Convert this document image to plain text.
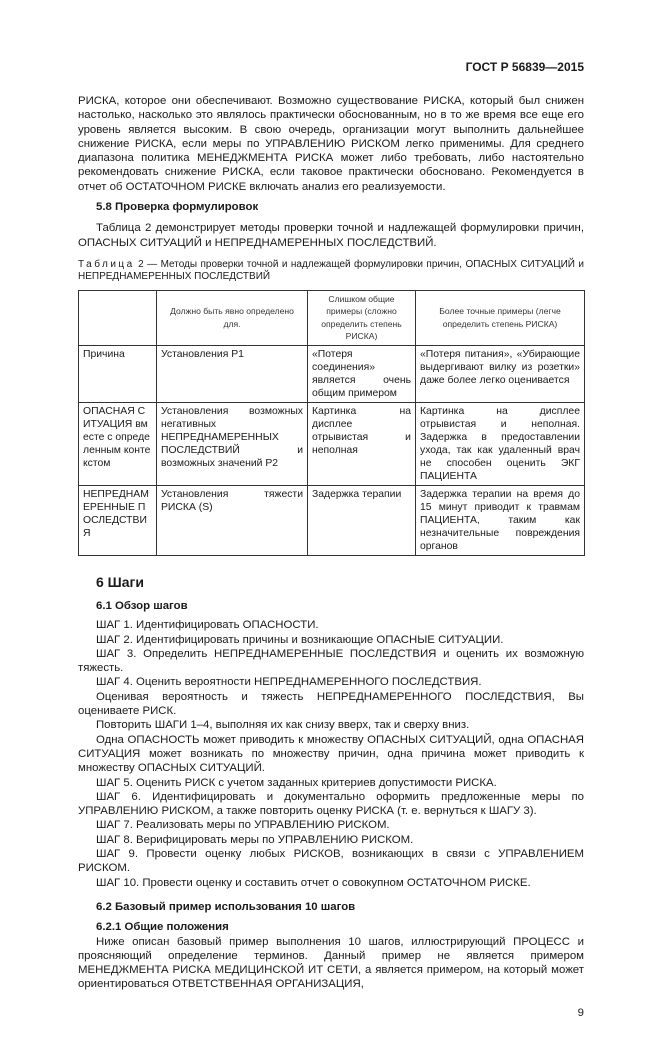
ГОСТ Р 56839—2015

РИСКА, которое они обеспечивают. Возможно существование РИСКА, который был снижен настолько, насколько это являлось практически обоснованным, но в то же время все еще его уровень является высоким. В свою очередь, организации могут выполнить дальнейшее снижение РИСКА, если меры по УПРАВЛЕНИЮ РИСКОМ легко применимы. Для среднего диапазона политика МЕНЕДЖМЕНТА РИСКА может либо требовать, либо настоятельно рекомендовать снижение РИСКА, если таковое практически обосновано. Рекомендуется в отчет об ОСТАТОЧНОМ РИСКЕ включать анализ его реализуемости.

5.8 Проверка формулировок

Таблица 2 демонстрирует методы проверки точной и надлежащей формулировки причин, ОПАСНЫХ СИТУАЦИЙ и НЕПРЕДНАМЕРЕННЫХ ПОСЛЕДСТВИЙ.

Таблица 2 — Методы проверки точной и надлежащей формулировки причин, ОПАСНЫХ СИТУАЦИЙ и НЕПРЕДНАМЕРЕННЫХ ПОСЛЕДСТВИЙ
	Должно быть явно определено для.	Слишком общие примеры (сложно определить степень РИСКА)	Более точные примеры (легче определить степень РИСКА)
Причина	Установления P1	«Потеря соединения» является очень общим примером	«Потеря питания», «Убирающие выдергивают вилку из розетки» даже более легко оценивается
ОПАСНАЯ СИТУАЦИЯ вместе с определенным контекстом	Установления возможных негативных НЕПРЕДНАМЕРЕННЫХ ПОСЛЕДСТВИЙ и возможных значений P2	Картинка на дисплее отрывистая и неполная	Картинка на дисплее отрывистая и неполная. Задержка в предоставлении ухода, так как удаленный врач не способен оценить ЭКГ ПАЦИЕНТА
НЕПРЕДНАМЕРЕННЫЕ ПОСЛЕДСТВИЯ	Установления тяжести РИСКА (S)	Задержка терапии	Задержка терапии на время до 15 минут приводит к травмам ПАЦИЕНТА, таким как незначительные повреждения органов
6 Шаги
6.1 Обзор шагов

ШАГ 1. Идентифицировать ОПАСНОСТИ.

ШАГ 2. Идентифицировать причины и возникающие ОПАСНЫЕ СИТУАЦИИ.

ШАГ 3. Определить НЕПРЕДНАМЕРЕННЫЕ ПОСЛЕДСТВИЯ и оценить их возможную тяжесть.

ШАГ 4. Оценить вероятности НЕПРЕДНАМЕРЕННОГО ПОСЛЕДСТВИЯ.

Оценивая вероятность и тяжесть НЕПРЕДНАМЕРЕННОГО ПОСЛЕДСТВИЯ, Вы оцениваете РИСК.

Повторить ШАГИ 1–4, выполняя их как снизу вверх, так и сверху вниз.

Одна ОПАСНОСТЬ может приводить к множеству ОПАСНЫХ СИТУАЦИЙ, одна ОПАСНАЯ СИТУАЦИЯ может возникать по множеству причин, одна причина может приводить к множеству ОПАСНЫХ СИТУАЦИЙ.

ШАГ 5. Оценить РИСК с учетом заданных критериев допустимости РИСКА.

ШАГ 6. Идентифицировать и документально оформить предложенные меры по УПРАВЛЕНИЮ РИСКОМ, а также повторить оценку РИСКА (т. е. вернуться к ШАГУ 3).

ШАГ 7. Реализовать меры по УПРАВЛЕНИЮ РИСКОМ.

ШАГ 8. Верифицировать меры по УПРАВЛЕНИЮ РИСКОМ.

ШАГ 9. Провести оценку любых РИСКОВ, возникающих в связи с УПРАВЛЕНИЕМ РИСКОМ.

ШАГ 10. Провести оценку и составить отчет о совокупном ОСТАТОЧНОМ РИСКЕ.

6.2 Базовый пример использования 10 шагов
6.2.1 Общие положения

Ниже описан базовый пример выполнения 10 шагов, иллюстрирующий ПРОЦЕСС и проясняющий определение терминов. Данный пример не является примером МЕНЕДЖМЕНТА РИСКА МЕДИЦИНСКОЙ ИТ СЕТИ, а является примером, на который может ориентироваться ОТВЕТСТВЕННАЯ ОРГАНИЗАЦИЯ,

9
